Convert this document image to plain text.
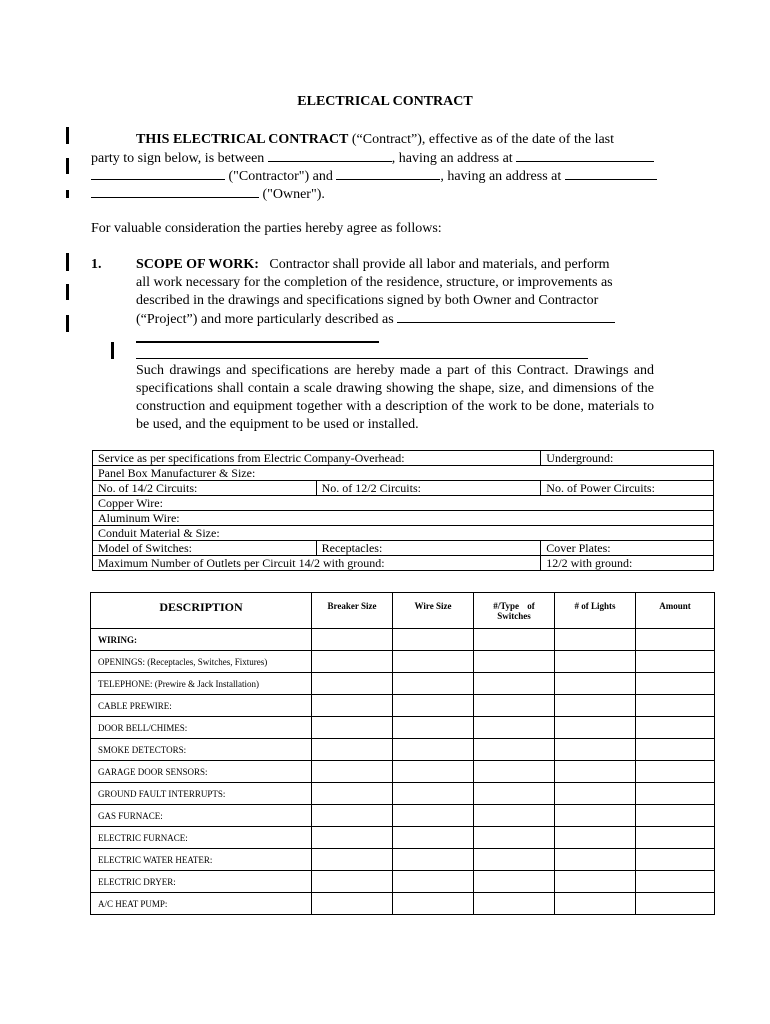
ELECTRICAL CONTRACT
THIS ELECTRICAL CONTRACT (“Contract”), effective as of the date of the last
party to sign below, is between	, having an address at
("Contractor") and	, having an address at
("Owner").
For valuable consideration the parties hereby agree as follows:
1. SCOPE OF WORK: Contractor shall provide all labor and materials, and perform
all work necessary for the completion of the residence, structure, or improvements as
described in the drawings and specifications signed by both Owner and Contractor
(“Project”) and more particularly described as
Such drawings and specifications are hereby made a part of this Contract. Drawings and specifications shall contain a scale drawing showing the shape, size, and dimensions of the construction and equipment together with a description of the work to be done, materials to be used, and the equipment to be used or installed.
Service as per specifications from Electric Company-Overhead:		Underground:
Panel Box Manufacturer & Size:		
No. of 14/2 Circuits:	No. of 12/2 Circuits:	No. of Power Circuits:
Copper Wire:		
Aluminum Wire:		
Conduit Material & Size:		
Model of Switches:	Receptacles:	Cover Plates:
Maximum Number of Outlets per Circuit 14/2 with ground:		12/2 with ground:
DESCRIPTION	Breaker Size	Wire Size	#/Type of
Switches	# of Lights	Amount
WIRING:					
OPENINGS: (Receptacles, Switches, Fixtures)					
TELEPHONE: (Prewire & Jack Installation)					
CABLE PREWIRE:					
DOOR BELL/CHIMES:					
SMOKE DETECTORS:					
GARAGE DOOR SENSORS:					
GROUND FAULT INTERRUPTS:					
GAS FURNACE:					
ELECTRIC FURNACE:					
ELECTRIC WATER HEATER:					
ELECTRIC DRYER:					
A/C HEAT PUMP:					
